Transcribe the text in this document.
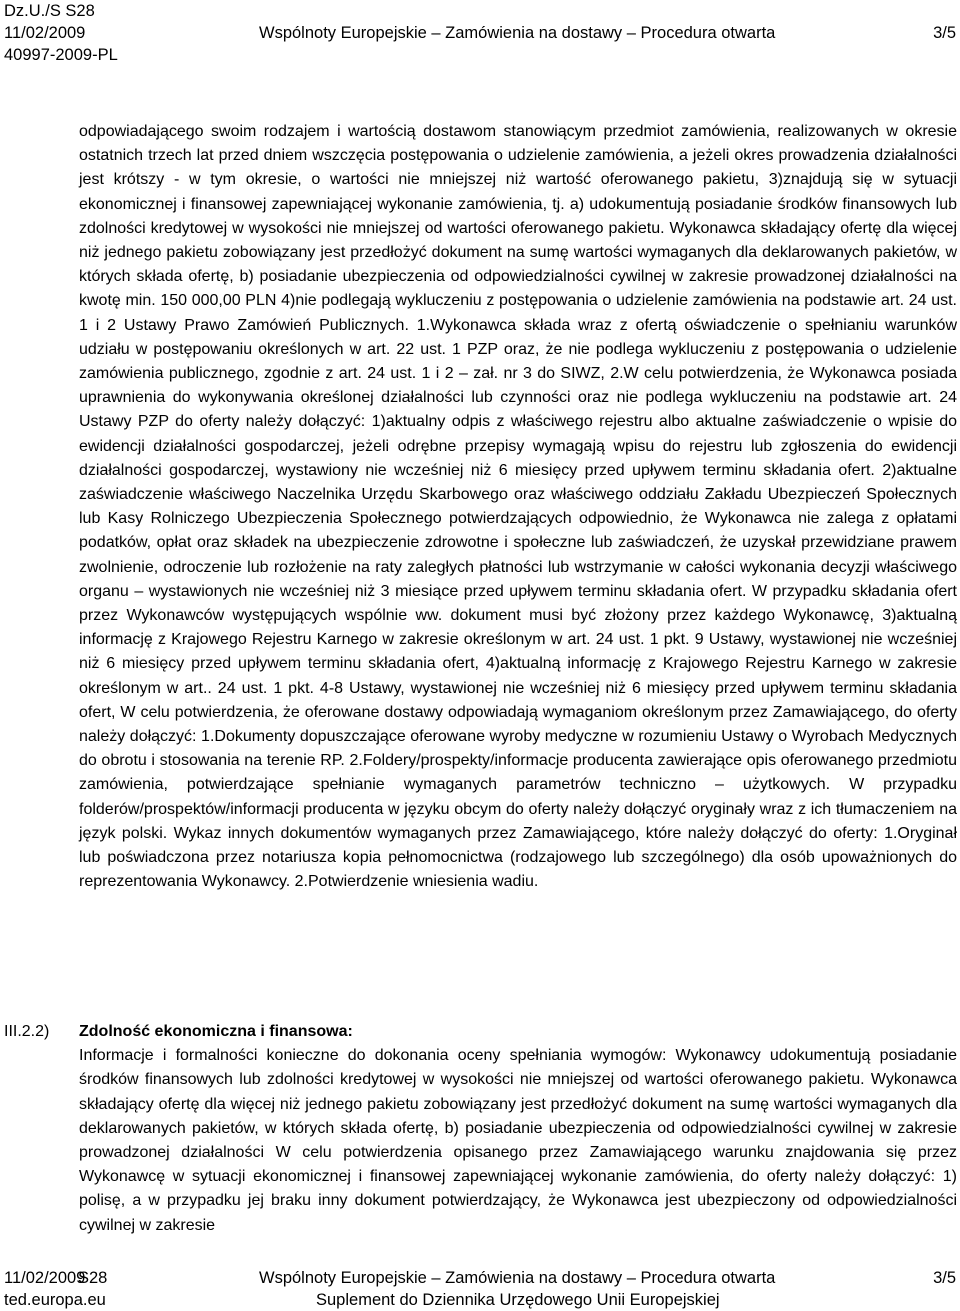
Dz.U./S S28
11/02/2009	Wspólnoty Europejskie – Zamówienia na dostawy – Procedura otwarta	3/5
40997-2009-PL

odpowiadającego swoim rodzajem i wartością dostawom stanowiącym przedmiot zamówienia, realizowanych w okresie ostatnich trzech lat przed dniem wszczęcia postępowania o udzielenie zamówienia, a jeżeli okres prowadzenia działalności jest krótszy - w tym okresie, o wartości nie mniejszej niż wartość oferowanego pakietu, 3)znajdują się w sytuacji ekonomicznej i finansowej zapewniającej wykonanie zamówienia, tj. a) udokumentują posiadanie środków finansowych lub zdolności kredytowej w wysokości nie mniejszej od wartości oferowanego pakietu. Wykonawca składający ofertę dla więcej niż jednego pakietu zobowiązany jest przedłożyć dokument na sumę wartości wymaganych dla deklarowanych pakietów, w których składa ofertę, b) posiadanie ubezpieczenia od odpowiedzialności cywilnej w zakresie prowadzonej działalności na kwotę min. 150 000,00 PLN 4)nie podlegają wykluczeniu z postępowania o udzielenie zamówienia na podstawie art. 24 ust. 1 i 2 Ustawy Prawo Zamówień Publicznych. 1.Wykonawca składa wraz z ofertą oświadczenie o spełnianiu warunków udziału w postępowaniu określonych w art. 22 ust. 1 PZP oraz, że nie podlega wykluczeniu z postępowania o udzielenie zamówienia publicznego, zgodnie z art. 24 ust. 1 i 2 – zał. nr 3 do SIWZ, 2.W celu potwierdzenia, że Wykonawca posiada uprawnienia do wykonywania określonej działalności lub czynności oraz nie podlega wykluczeniu na podstawie art. 24 Ustawy PZP do oferty należy dołączyć: 1)aktualny odpis z właściwego rejestru albo aktualne zaświadczenie o wpisie do ewidencji działalności gospodarczej, jeżeli odrębne przepisy wymagają wpisu do rejestru lub zgłoszenia do ewidencji działalności gospodarczej, wystawiony nie wcześniej niż 6 miesięcy przed upływem terminu składania ofert. 2)aktualne zaświadczenie właściwego Naczelnika Urzędu Skarbowego oraz właściwego oddziału Zakładu Ubezpieczeń Społecznych lub Kasy Rolniczego Ubezpieczenia Społecznego potwierdzających odpowiednio, że Wykonawca nie zalega z opłatami podatków, opłat oraz składek na ubezpieczenie zdrowotne i społeczne lub zaświadczeń, że uzyskał przewidziane prawem zwolnienie, odroczenie lub rozłożenie na raty zaległych płatności lub wstrzymanie w całości wykonania decyzji właściwego organu – wystawionych nie wcześniej niż 3 miesiące przed upływem terminu składania ofert. W przypadku składania ofert przez Wykonawców występujących wspólnie ww. dokument musi być złożony przez każdego Wykonawcę, 3)aktualną informację z Krajowego Rejestru Karnego w zakresie określonym w art. 24 ust. 1 pkt. 9 Ustawy, wystawionej nie wcześniej niż 6 miesięcy przed upływem terminu składania ofert, 4)aktualną informację z Krajowego Rejestru Karnego w zakresie określonym w art.. 24 ust. 1 pkt. 4-8 Ustawy, wystawionej nie wcześniej niż 6 miesięcy przed upływem terminu składania ofert, W celu potwierdzenia, że oferowane dostawy odpowiadają wymaganiom określonym przez Zamawiającego, do oferty należy dołączyć: 1.Dokumenty dopuszczające oferowane wyroby medyczne w rozumieniu Ustawy o Wyrobach Medycznych do obrotu i stosowania na terenie RP. 2.Foldery/prospekty/informacje producenta zawierające opis oferowanego przedmiotu zamówienia, potwierdzające spełnianie wymaganych parametrów techniczno – użytkowych. W przypadku folderów/prospektów/informacji producenta w języku obcym do oferty należy dołączyć oryginały wraz z ich tłumaczeniem na język polski. Wykaz innych dokumentów wymaganych przez Zamawiającego, które należy dołączyć do oferty: 1.Oryginał lub poświadczona przez notariusza kopia pełnomocnictwa (rodzajowego lub szczególnego) dla osób upoważnionych do reprezentowania Wykonawcy. 2.Potwierdzenie wniesienia wadiu.

III.2.2) Zdolność ekonomiczna i finansowa:

Informacje i formalności konieczne do dokonania oceny spełniania wymogów: Wykonawcy udokumentują posiadanie środków finansowych lub zdolności kredytowej w wysokości nie mniejszej od wartości oferowanego pakietu. Wykonawca składający ofertę dla więcej niż jednego pakietu zobowiązany jest przedłożyć dokument na sumę wartości wymaganych dla deklarowanych pakietów, w których składa ofertę, b) posiadanie ubezpieczenia od odpowiedzialności cywilnej w zakresie prowadzonej działalności W celu potwierdzenia opisanego przez Zamawiającego warunku znajdowania się przez Wykonawcę w sytuacji ekonomicznej i finansowej zapewniającej wykonanie zamówienia, do oferty należy dołączyć: 1) polisę, a w przypadku jej braku inny dokument potwierdzający, że Wykonawca jest ubezpieczony od odpowiedzialności cywilnej w zakresie

11/02/2009
S28	Wspólnoty Europejskie – Zamówienia na dostawy – Procedura otwarta	3/5
ted.europa.eu	Suplement do Dziennika Urzędowego Unii Europejskiej
